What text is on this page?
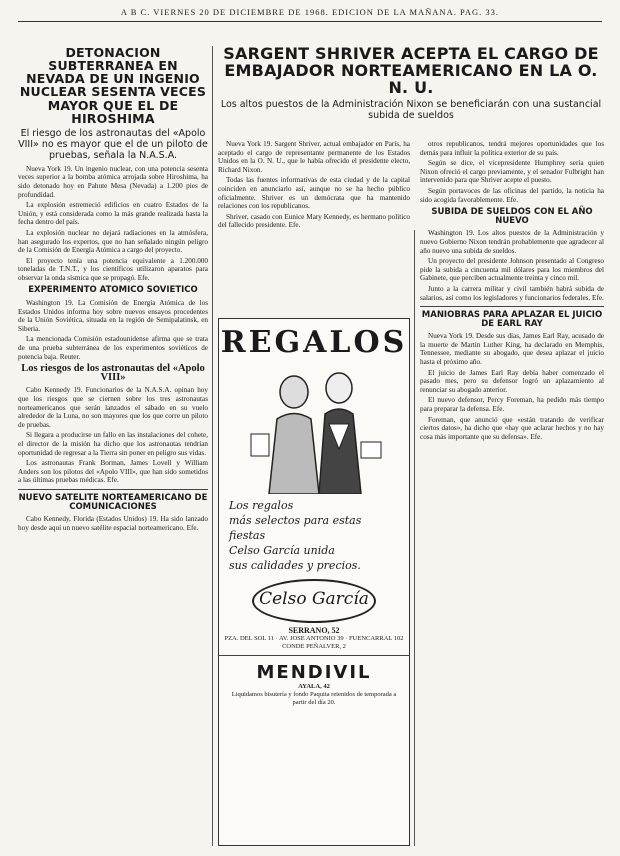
A B C. VIERNES 20 DE DICIEMBRE DE 1968. EDICION DE LA MAÑANA. PAG. 33.
DETONACION SUBTERRANEA EN NEVADA DE UN INGENIO NUCLEAR SESENTA VECES MAYOR QUE EL DE HIROSHIMA
El riesgo de los astronautas del «Apolo VIII» no es mayor que el de un piloto de pruebas, señala la N.A.S.A.

Nueva York 19. Un ingenio nuclear, con una potencia sesenta veces superior a la bomba atómica arrojada sobre Hiroshima, ha sido detonado hoy en Pahute Mesa (Nevada) a 1.200 pies de profundidad.

La explosión estremeció edificios en cuatro Estados de la Unión, y está considerada como la más grande realizada hasta la fecha dentro del país.

La explosión nuclear no dejará radiaciones en la atmósfera, han asegurado los expertos, que no han señalado ningún peligro de la Comisión de Energía Atómica a cargo del proyecto.

El proyecto tenía una potencia equivalente a 1.200.000 toneladas de T.N.T., y los científicos utilizaron aparatos para observar la onda sísmica que se propagó. Efe.

EXPERIMENTO ATOMICO SOVIETICO

Washington 19. La Comisión de Energía Atómica de los Estados Unidos informa hoy sobre nuevos ensayos procedentes de la Unión Soviética, situada en la región de Semipalatinsk, en Siberia.

La mencionada Comisión estadounidense afirma que se trata de una prueba subterránea de los experimentos soviéticos de potencia baja. Reuter.

Los riesgos de los astronautas del «Apolo VIII»

Cabo Kennedy 19. Funcionarios de la N.A.S.A. opinan hoy que los riesgos que se ciernen sobre los tres astronautas norteamericanos que serán lanzados el sábado en su vuelo alrededor de la Luna, no son mayores que los que corre un piloto de pruebas.

Si llegara a producirse un fallo en las instalaciones del cohete, el director de la misión ha dicho que los astronautas tendrían oportunidad de regresar a la Tierra sin poner en peligro sus vidas.

Los astronautas Frank Borman, James Lovell y William Anders son los pilotos del «Apolo VIII», que han sido sometidos a las últimas pruebas médicas. Efe.

NUEVO SATELITE NORTEAMERICANO DE COMUNICACIONES

Cabo Kennedy, Florida (Estados Unidos) 19. Ha sido lanzado hoy desde aquí un nuevo satélite espacial norteamericano. Efe.

SARGENT SHRIVER ACEPTA EL CARGO DE EMBAJADOR NORTEAMERICANO EN LA O. N. U.
Los altos puestos de la Administración Nixon se beneficiarán con una sustancial subida de sueldos

Nueva York 19. Sargent Shriver, actual embajador en París, ha aceptado el cargo de representante permanente de los Estados Unidos en la O. N. U., que le había ofrecido el presidente electo, Richard Nixon.

Todas las fuentes informativas de esta ciudad y de la capital coinciden en anunciarlo así, aunque no se ha hecho público oficialmente. Shriver es un demócrata que ha mantenido relaciones con los republicanos.

Shriver, casado con Eunice Mary Kennedy, es hermano político del fallecido presidente. Efe.

REGALOS
Los regalos
más selectos para estas fiestas
Celso García unida
sus calidades y precios.
Celso García
SERRANO, 52
PZA. DEL SOL 11 · AV. JOSE ANTONIO 39 · FUENCARRAL 102
CONDE PEÑALVER, 2
MENDIVIL
AYALA, 42
Liquidamos bisutería y fondo Paquita retenidos de temporada a partir del día 20.

otros republicanos, tendrá mejores oportunidades que los demás para influir la política exterior de su país.

Según se dice, el vicepresidente Humphrey sería quien Nixon ofreció el cargo previamente, y el senador Fulbright han intervenido para que Shriver acepte el puesto.

Según portavoces de las oficinas del partido, la noticia ha sido acogida favorablemente. Efe.

SUBIDA DE SUELDOS CON EL AÑO NUEVO

Washington 19. Los altos puestos de la Administración y nuevo Gobierno Nixon tendrán probablemente que agradecer al año nuevo una subida de sueldos.

Un proyecto del presidente Johnson presentado al Congreso pide la subida a cincuenta mil dólares para los miembros del Gabinete, que perciben actualmente treinta y cinco mil.

Junto a la carrera militar y civil también habrá subida de salarios, así como los legisladores y funcionarios federales. Efe.

MANIOBRAS PARA APLAZAR EL JUICIO DE EARL RAY

Nueva York 19. Desde sus días, James Earl Ray, acusado de la muerte de Martin Luther King, ha declarado en Memphis, Tennessee, mediante su abogado, que desea aplazar el juicio hasta el próximo año.

El juicio de James Earl Ray debía haber comenzado el pasado mes, pero su defensor logró un aplazamiento al renunciar su abogado anterior.

El nuevo defensor, Percy Foreman, ha pedido más tiempo para preparar la defensa. Efe.

Foreman, que anunció que «están tratando de verificar ciertos datos», ha dicho que «hay que aclarar hechos y no hay cosa más importante que su defensa». Efe.
